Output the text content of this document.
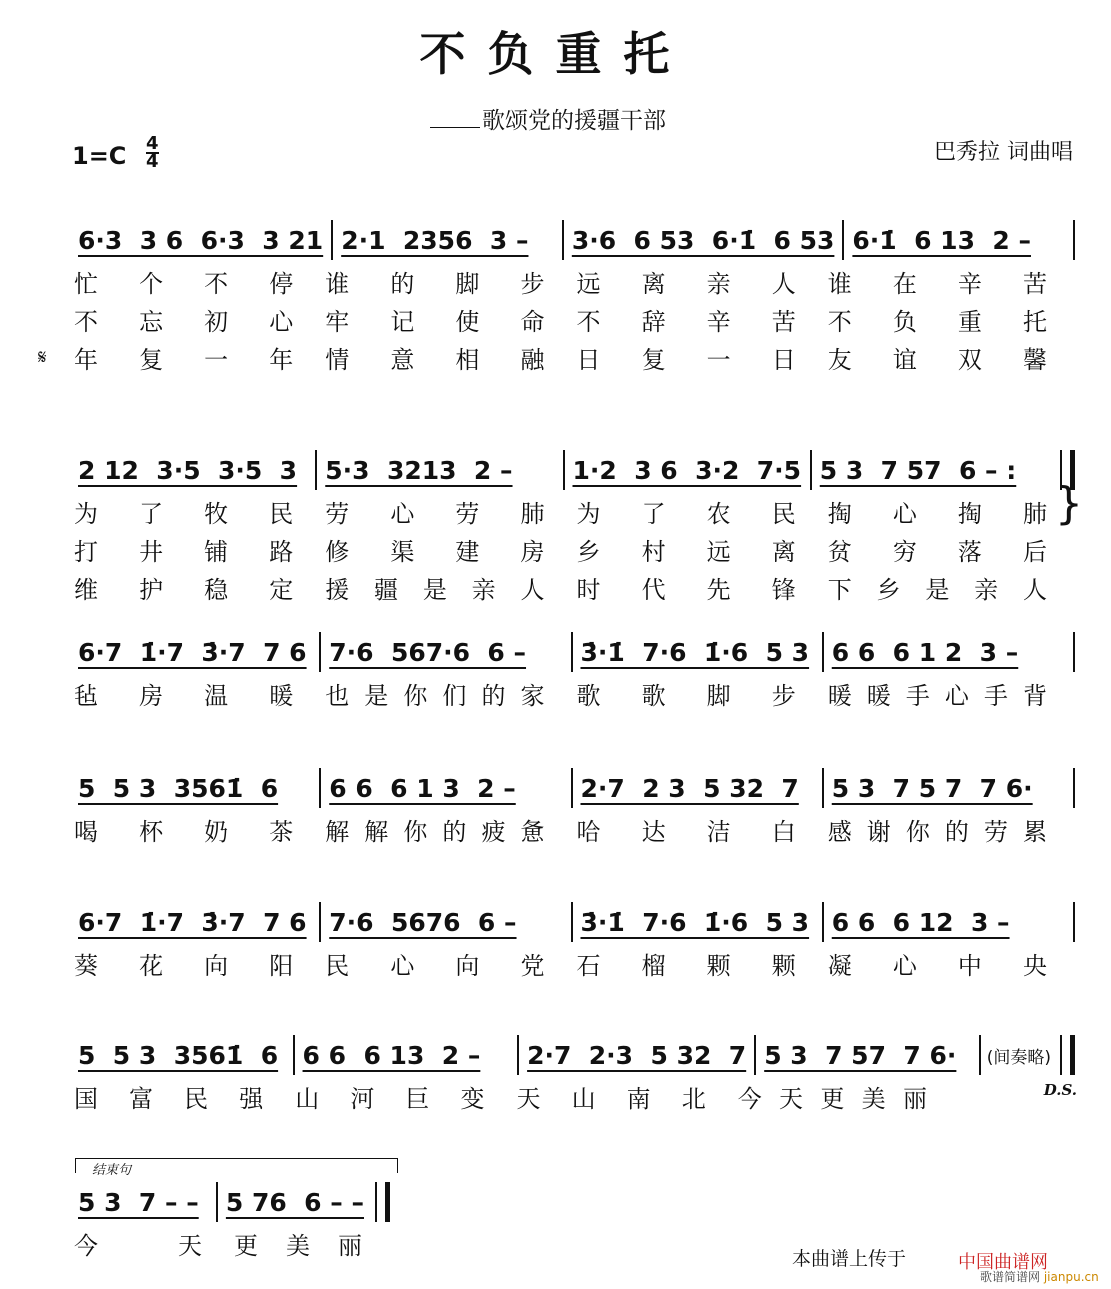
不负重托
歌颂党的援疆干部
巴秀拉 词曲唱
$1=C \frac{4}{4}$
6·3  3 6  6·3  3 21 2·1  2356  3 –	3·6  6 53  6·1̇  6 53 6·1̇  6 13  2 –
忙个不停	谁的脚步	远离亲人	谁在辛苦
不忘初心	牢记使命	不辞辛苦	不负重托
𝄋 年复一年	情意相融	日复一日	友谊双馨
2 12  3·5  3·5  3	5·3  3213  2 –	1·2  3 6  3·2  7·5 5 3  7 57  6 – :
为了牧民	劳心劳肺	为了农民	掏心掏肺
打井铺路	修渠建房	乡村远离	贫穷落后
维护稳定	援疆是亲人	时代先锋	下乡是亲人
6·7  1̇·7  3̇·7  7 6 7·6  567·6  6 –	3̇·1̇  7·6  1̇·6  5 3 6 6  6 1 2  3 –
毡房温暖	也是你们的家	歌歌脚步	暖暖手心手背
5  5 3  3561̇  6	6 6  6 1 3  2 –	2·7  2 3  5 32  7	5 3  7 5 7  7 6·
喝杯奶茶	解解你的疲惫	哈达洁白	感谢你的劳累
6·7  1̇·7  3̇·7  7 6 7·6  5676  6 –	3̇·1̇  7·6  1̇·6  5 3 6 6  6 12  3 –
葵花向阳	民心向党	石榴颗颗	凝心中央
5  5 3  3561̇  6 6 6  6 13  2 –	2·7  2·3  5 32  7 5 3  7 57  7 6·	(间奏略)
国富民强	山河巨变	天山南北	今天更美丽	D.S.
}
结束句
5 3  7 – –	5 76  6 – –
今天	更美丽	本曲谱上传于	中国曲谱网
歌谱简谱网 jianpu.cn
